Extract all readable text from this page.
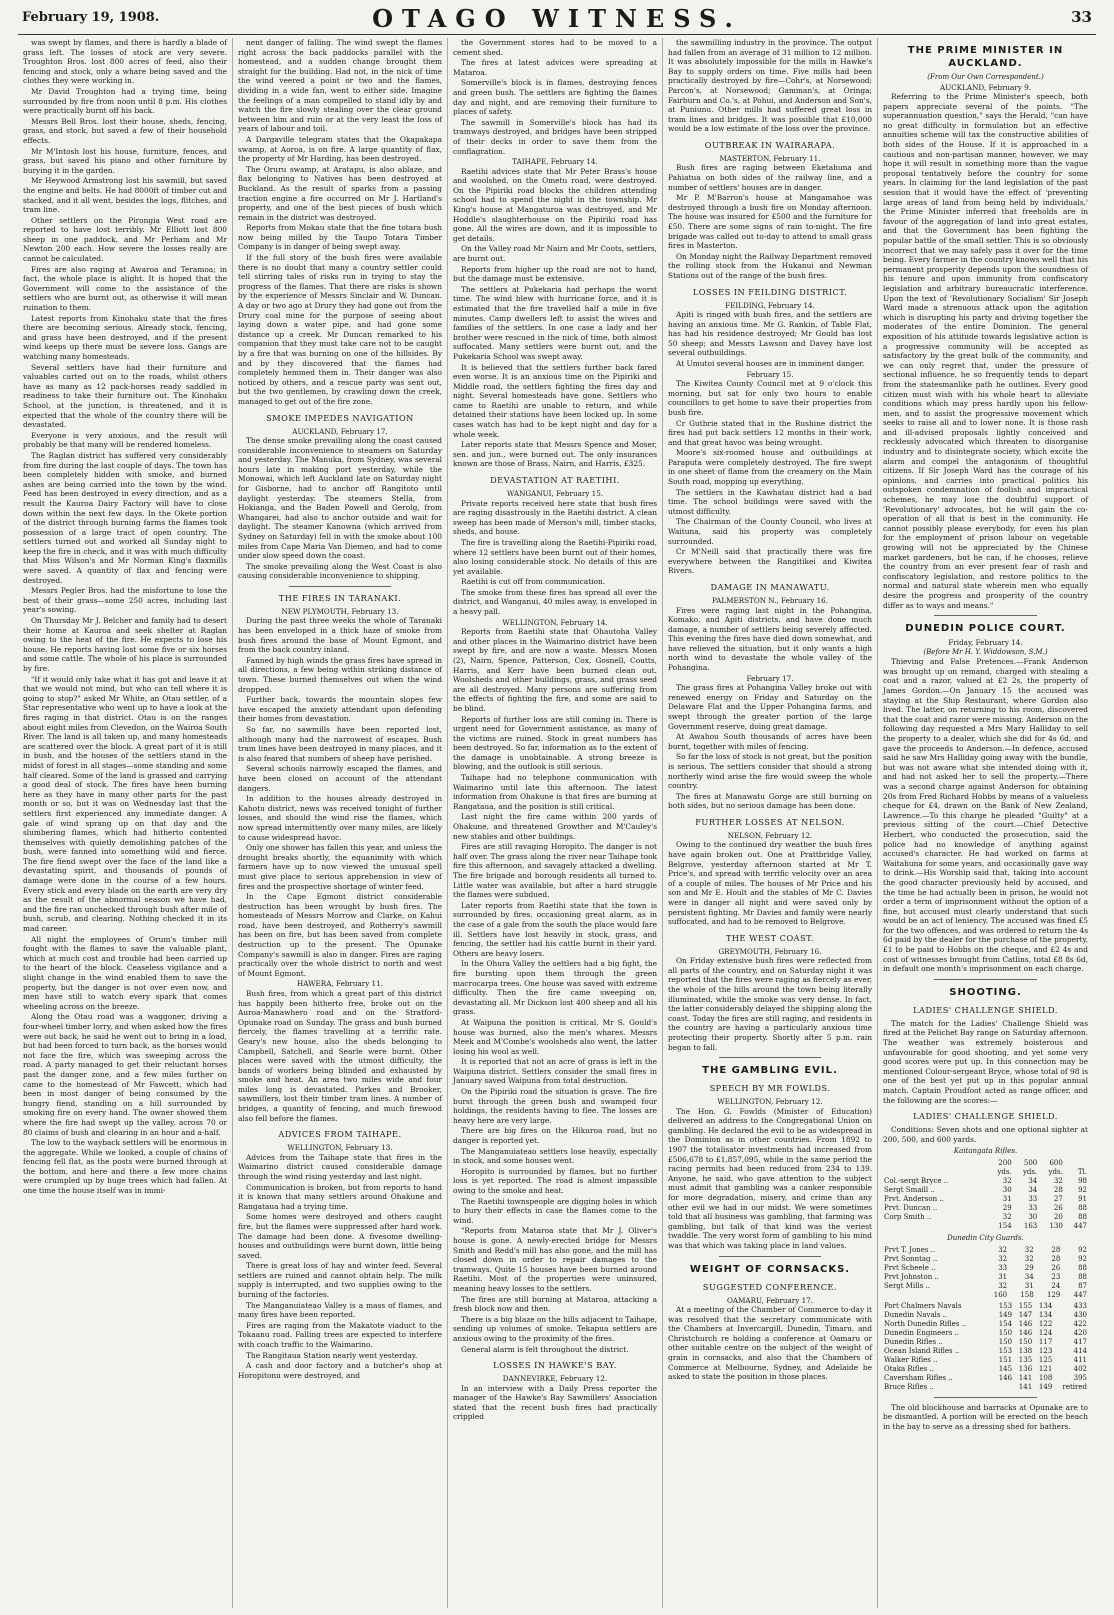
February 19, 1908.	OTAGO WITNESS.	33

was swept by flames, and there is hardly a blade of grass left. The losses of stock are very severe. Troughton Bros. lost 800 acres of feed, also their fencing and stock, only a whare being saved and the clothes they were working in.

Mr David Troughton had a trying time, being surrounded by fire from noon until 8 p.m. His clothes were practically burnt off his back.

Messrs Bell Bros. lost their house, sheds, fencing, grass, and stock, but saved a few of their household effects.

Mr M'Intosh lost his house, furniture, fences, and grass, but saved his piano and other furniture by burying it in the garden.

Mr Heywood Armstrong lost his sawmill, but saved the engine and belts. He had 8000ft of timber cut and stacked, and it all went, besides the logs, flitches, and tram line.

Other settlers on the Pirongia West road are reported to have lost terribly. Mr Elliott lost 800 sheep in one paddock, and Mr Perham and Mr Newton 200 each. How severe the losses really are cannot be calculated.

Fires are also raging at Awaroa and Teramoa; in fact, the whole place is alight. It is hoped that the Government will come to the assistance of the settlers who are burnt out, as otherwise it will mean ruination to them.

Latest reports from Kinohaku state that the fires there are becoming serious. Already stock, fencing, and grass have been destroyed, and if the present wind keeps up there must be severe loss. Gangs are watching many homesteads.

Several settlers have had their furniture and valuables carted out on to the roads, whilst others have as many as 12 pack-horses ready saddled in readiness to take their furniture out. The Kinohaku School, at the junction, is threatened, and it is expected that the whole of the country there will be devastated.

Everyone is very anxious, and the result will probably be that many will be rendered homeless.

The Raglan district has suffered very considerably from fire during the last couple of days. The town has been completely hidden with smoke, and burned ashes are being carried into the town by the wind. Feed has been destroyed in every direction, and as a result the Kauroa Dairy Factory will have to close down within the next few days. In the Okete portion of the district through burning farms the flames took possession of a large tract of open country. The settlers turned out and worked all Sunday night to keep the fire in check, and it was with much difficulty that Miss Wilson's and Mr Norman King's flaxmills were saved. A quantity of flax and fencing were destroyed.

Messrs Pegler Bros. had the misfortune to lose the best of their grass—some 250 acres, including last year's sowing.

On Thursday Mr J. Belcher and family had to desert their home at Kauroa and seek shelter at Raglan owing to the heat of the fire. He expects to lose his house. He reports having lost some five or six horses and some cattle. The whole of his place is surrounded by fire.

"If it would only take what it has got and leave it at that we would not mind, but who can tell where it is going to stop?" asked Mr White, an Otau settler, of a Star representative who went up to have a look at the fires raging in that district. Otau is on the ranges about eight miles from Clevedon, on the Wairoa South River. The land is all taken up, and many homesteads are scattered over the block. A great part of it is still in bush, and the houses of the settlers stand in the midst of forest in all stages—some standing and some half cleared. Some of the land is grassed and carrying a good deal of stock. The fires have been burning here as they have in many other parts for the past month or so, but it was on Wednesday last that the settlers first experienced any immediate danger. A gale of wind sprang up on that day and the slumbering flames, which had hitherto contented themselves with quietly demolishing patches of the bush, were fanned into something wild and fierce. The fire fiend swept over the face of the land like a devastating spirit, and thousands of pounds of damage were done in the course of a few hours. Every stick and every blade on the earth are very dry as the result of the abnormal season we have had, and the fire ran unchecked through bush after mile of bush, scrub, and clearing. Nothing checked it in its mad career.

All night the employees of Orum's timber mill fought with the flames to save the valuable plant, which at much cost and trouble had been carried up to the heart of the block. Ceaseless vigilance and a slight change in the wind enabled them to save the property, but the danger is not over even now, and men have still to watch every spark that comes wheeling across on the breeze.

Along the Otau road was a waggoner, driving a four-wheel timber lorry, and when asked how the fires were out back, he said he went out to bring in a load, but had been forced to turn back, as the horses would not face the fire, which was sweeping across the road. A party managed to get their reluctant horses past the danger zone, and a few miles further on came to the homestead of Mr Fawcett, which had been in most danger of being consumed by the hungry fiend, standing on a hill surrounded by smoking fire on every hand. The owner showed them where the fire had swept up the valley, across 70 or 80 claims of bush and clearing in an hour and a-half.

The low to the wayback settlers will be enormous in the aggregate. While we looked, a couple of chains of fencing fell flat, as the posts were burned through at the bottom, and here and there a few more chains were crumpled up by huge trees which had fallen. At one time the house itself was in immi-

nent danger of falling. The wind swept the flames right across the back paddocks parallel with the homestead, and a sudden change brought them straight for the building. Had not, in the nick of time the wind veered a point or two and the flames, dividing in a wide fan, went to either side. Imagine the feelings of a man compelled to stand idly by and watch the fire slowly stealing over the clear ground between him and ruin or at the very least the loss of years of labour and toil.

A Dargaville telegram states that the Okapakapa swamp, at Aoroa, is on fire. A large quantity of flax, the property of Mr Harding, has been destroyed.

The Oruru swamp, at Aratapu, is also ablaze, and flax belonging to Natives has been destroyed at Buckland. As the result of sparks from a passing traction engine a fire occurred on Mr J. Hartland's property, and one of the best pieces of bush which remain in the district was destroyed.

Reports from Mokau state that the fine totara bush now being milled by the Taupo Totara Timber Company is in danger of being swept away.

If the full story of the bush fires were available there is no doubt that many a country settler could tell stirring tales of risks run in trying to stay the progress of the flames. That there are risks is shown by the experience of Messrs Sinclair and W. Duncan. A day or two ago at Drury they had gone out from the Drury coal mine for the purpose of seeing about laying down a water pipe, and had gone some distance up a creek. Mr Duncan remarked to his companion that they must take care not to be caught by a fire that was burning on one of the hillsides. By and by they discovered that the flames had completely hemmed them in. Their danger was also noticed by others, and a rescue party was sent out, but the two gentlemen, by crawling down the creek, managed to get out of the fire zone.

SMOKE IMPEDES NAVIGATION
AUCKLAND, February 17.

The dense smoke prevailing along the coast caused considerable inconvenience to steamers on Saturday and yesterday. The Manuka, from Sydney, was several hours late in making port yesterday, while the Monowai, which left Auckland late on Saturday night for Gisborne, had to anchor off Rangitoto until daylight yesterday. The steamers Stella, from Hokianga, and the Baden Powell and Gerolg, from Whangarei, had also to anchor outside and wait for daylight. The steamer Kanowna (which arrived from Sydney on Saturday) fell in with the smoke about 100 miles from Cape Maria Van Diemen, and had to come under slow speed down the coast.

The smoke prevailing along the West Coast is also causing considerable inconvenience to shipping.

THE FIRES IN TARANAKI.
NEW PLYMOUTH, February 13.

During the past three weeks the whole of Taranaki has been enveloped in a thick haze of smoke from bush fires around the base of Mount Egmont, and from the back country inland.

Fanned by high winds the grass fires have spread in all directions, a few being within striking distance of town. These burned themselves out when the wind dropped.

Further back, towards the mountain slopes few have escaped the anxiety attendant upon defending their homes from devastation.

So far, no sawmills have been reported lost, although many had the narrowest of escapes. Bush tram lines have been destroyed in many places, and it is also feared that numbers of sheep have perished.

Several schools narrowly escaped the flames, and have been closed on account of the attendant dangers.

In addition to the houses already destroyed in Kahotu district, news was received tonight of further losses, and should the wind rise the flames, which now spread intermittently over many miles, are likely to cause widespread havoc.

Only one shower has fallen this year, and unless the drought breaks shortly, the equanimity with which farmers have up to now viewed the unusual spell must give place to serious apprehension in view of fires and the prospective shortage of winter feed.

In the Cape Egmont district considerable destruction has been wrought by bush fires. The homesteads of Messrs Morrow and Clarke, on Kahui road, have been destroyed, and Rotherry's sawmill has been on fire, but has been saved from complete destruction up to the present. The Opunake Company's sawmill is also in danger. Fires are raging practically over the whole district to north and west of Mount Egmont.

HAWERA, February 11.

Bush fires, from which a great part of this district has happily been hitherto free, broke out on the Auroa-Manawhero road and on the Stratford-Opunake road on Sunday. The grass and bush burned fiercely, the flames travelling at a terrific rate. Geary's new house, also the sheds belonging to Campbell, Satchell, and Searle were burnt. Other places were saved with the utmost difficulty, the bands of workers being blinded and exhausted by smoke and heat. An area two miles wide and four miles long is devastated. Parkes and Brooker, sawmillers, lost their timber tram lines. A number of bridges, a quantity of fencing, and much firewood also fell before the flames.

ADVICES FROM TAIHAPE.
WELLINGTON, February 13.

Advices from the Taihape state that fires in the Waimarino district caused considerable damage through the wind rising yesterday and last night.

Communication is broken, but from reports to hand it is known that many settlers around Ohakune and Rangataua had a trying time.

Some homes were destroyed and others caught fire, but the flames were suppressed after hard work. The damage had been done. A fivesome dwelling-houses and outbuildings were burnt down, little being saved.

There is great loss of hay and winter feed. Several settlers are ruined and cannot obtain help. The milk supply is interrupted, and two supplies owing to the burning of the factories.

The Manganuiateao Valley is a mass of flames, and many fires have been reported.

Fires are raging from the Makatote viaduct to the Tokaanu road. Falling trees are expected to interfere with coach traffic to the Waimarino.

The Rangitaua Station nearly went yesterday.

A cash and door factory and a butcher's shop at Horopitonu were destroyed, and

the Government stores had to be moved to a cement shed.

The fires at latest advices were spreading at Mataroa.

Somerville's block is in flames, destroying fences and green bush. The settlers are fighting the flames day and night, and are removing their furniture to places of safety.

The sawmill in Somerville's block has had its tramways destroyed, and bridges have been stripped of their decks in order to save them from the conflagration.

TAIHAPE, February 14.

Raetihi advices state that Mr Peter Brass's house and woolshed, on the Ometu road, were destroyed. On the Pipiriki road blocks the children attending school had to spend the night in the township. Mr King's house at Mangaturoa was destroyed, and Mr Hoddle's slaughterhouse on the Pipiriki road has gone. All the wires are down, and it is impossible to get details.

On the Valley road Mr Nairn and Mr Coots, settlers, are burnt out.

Reports from higher up the road are not to hand, but the damage must be extensive.

The settlers at Pukekaria had perhaps the worst time. The wind blew with hurricane force, and it is estimated that the fire travelled half a mile in five minutes. Camp dwellers left to assist the wives and families of the settlers. In one case a lady and her brother were rescued in the nick of time, both almost suffocated. Many settlers were burnt out, and the Pukekaria School was swept away.

It is believed that the settlers further back fared even worse. It is an anxious time on the Pipiriki and Middle road, the settlers fighting the fires day and night. Several homesteads have gone. Settlers who came to Raetihi are unable to return, and while detained their stations have been locked up. In some cases watch has had to be kept night and day for a whole week.

Later reports state that Messrs Spence and Moser, sen. and jun., were burned out. The only insurances known are those of Brass, Nairn, and Harris, £325.

DEVASTATION AT RAETIHI.
WANGANUI, February 15.

Private reports received here state that bush fires are raging disastrously in the Raetihi district. A clean sweep has been made of Merson's mill, timber stacks, sheds, and house.

The fire is travelling along the Raetihi-Pipiriki road, where 12 settlers have been burnt out of their homes, also losing considerable stock. No details of this are yet available.

Raetihi is cut off from communication.

The smoke from these fires has spread all over the district, and Wanganui, 40 miles away, is enveloped in a heavy pall.

WELLINGTON, February 14.

Reports from Raetihi state that Ohautoha Valley and other places in the Waimarino district have been swept by fire, and are now a waste. Messrs Mosen (2), Nairn, Spence, Patterson, Cox, Gosnell, Coutts, Harris, and Kerr have been burned clean out. Woolsheds and other buildings, grass, and grass seed are all destroyed. Many persons are suffering from the effects of fighting the fire, and some are said to be blind.

Reports of further loss are still coming in. There is urgent need for Government assistance, as many of the victims are ruined. Stock in great numbers has been destroyed. So far, information as to the extent of the damage is unobtainable. A strong breeze is blowing, and the outlook is still serious.

Taihape had no telephone communication with Waimarino until late this afternoon. The latest information from Ohakune is that fires are burning at Rangataua, and the position is still critical.

Last night the fire came within 200 yards of Ohakune, and threatened Growther and M'Cauley's new stables and other buildings.

Fires are still ravaging Horopito. The danger is not half over. The grass along the river near Taihape took fire this afternoon, and savagely attacked a dwelling. The fire brigade and borough residents all turned to. Little water was available, but after a hard struggle the flames were subdued.

Later reports from Raetihi state that the town is surrounded by fires, occasioning great alarm, as in the case of a gale from the south the place would fare ill. Settlers have lost heavily in stock, grass, and fencing, the settler had his cattle burnt in their yard. Others are heavy losers.

In the Ohura Valley the settlers had a big fight, the fire bursting upon them through the green macrocarpa trees. One house was saved with extreme difficulty. Then the fire came sweeping on, devastating all. Mr Dickson lost 400 sheep and all his grass.

At Waipuna the position is critical. Mr S. Gould's house was burned, also the men's whares. Messrs Meek and M'Combe's woolsheds also went, the latter losing his wool as well.

It is reported that not an acre of grass is left in the Waipuna district. Settlers consider the small fires in January saved Waipuna from total destruction.

On the Pipiriki road the situation is grave. The fire burst through the green bush and swamped four holdings, the residents having to flee. The losses are heavy here are very large.

There are big fires on the Hikuroa road, but no danger is reported yet.

The Manganuiateao settlers lose heavily, especially in stock, and some houses went.

Horopito is surrounded by flames, but no further loss is yet reported. The road is almost impassible owing to the smoke and heat.

The Raetihi townspeople are digging holes in which to bury their effects in case the flames come to the wind.

"Reports from Mataroa state that Mr J. Oliver's house is gone. A newly-erected bridge for Messrs Smith and Redd's mill has also gone, and the mill has closed down in order to repair damages to the tramways. Quite 15 houses have been burned around Raetihi. Most of the properties were uninsured, meaning heavy losses to the settlers.

The fires are still burning at Mataroa, attacking a fresh block now and then.

There is a big blaze on the hills adjacent to Taihape, sending up volumes of smoke. Tekapua settlers are anxious owing to the proximity of the fires.

General alarm is felt throughout the district.

LOSSES IN HAWKE'S BAY.
DANNEVIRKE, February 12.

In an interview with a Daily Press reporter the manager of the Hawke's Bay Sawmillers' Association stated that the recent bush fires had practically crippled

the sawmilling industry in the province. The output had fallen from an average of 31 million to 12 million. It was absolutely impossible for the mills in Hawke's Bay to supply orders on time. Five mills had been practically destroyed by fire—Cohr's, at Norsewood; Parcon's, at Norsewood; Gamman's, at Oringa; Fairburn and Co.'s, at Pohui, and Anderson and Son's, at Puniunu. Other mills had suffered great loss in tram lines and bridges. It was possible that £10,000 would be a low estimate of the loss over the province.

OUTBREAK IN WAIRARAPA.
MASTERTON, February 11.

Bush fires are raging between Eketahuna and Pahiatua on both sides of the railway line, and a number of settlers' houses are in danger.

Mr P. M'Barron's house at Mangamahoe was destroyed through a bush fire on Monday afternoon. The house was insured for £500 and the furniture for £50. There are some signs of rain to-night. The fire brigade was called out to-day to attend to small grass fires in Masterton.

On Monday night the Railway Department removed the rolling stock from the Hukanui and Newman Stations out of the range of the bush fires.

LOSSES IN FEILDING DISTRICT.
FEILDING, February 14.

Apiti is ringed with bush fires, and the settlers are having an anxious time. Mr G. Rankin, of Table Flat, has had his residence destroyed; Mr Gould has lost 50 sheep; and Messrs Lawson and Davey have lost several outbuildings.

At Umutoi several houses are in imminent danger.

February 15.

The Kiwitea County Council met at 9 o'clock this morning, but sat for only two hours to enable councillors to get home to save their properties from bush fire.

Cr Guthrie stated that in the Rushine district the fires had put back settlers 12 months in their work, and that great havoc was being wrought.

Moore's six-roomed house and outbuildings at Paraputa were completely destroyed. The fire swept in one sheet of flame from the creamery on the Main South road, mopping up everything.

The settlers in the Kawhatau district had a bad time. The school buildings were saved with the utmost difficulty.

The Chairman of the County Council, who lives at Waituna, said his property was completely surrounded.

Cr M'Neill said that practically there was fire everywhere between the Rangitikei and Kiwitea Rivers.

DAMAGE IN MANAWATU.
PALMERSTON N., February 16.

Fires were raging last night in the Pohangina, Komako, and Apiti districts, and have done much damage, a number of settlers being severely affected. This evening the fires have died down somewhat, and have relieved the situation, but it only wants a high north wind to devastate the whole valley of the Pohangina.

February 17.

The grass fires at Pohangina Valley broke out with renewed energy on Friday and Saturday on the Delaware Flat and the Upper Pohangina farms, and swept through the greater portion of the large Government reserve, doing great damage.

At Awahou South thousands of acres have been burnt, together with miles of fencing.

So far the loss of stock is not great, but the position is serious. The settlers consider that should a strong northerly wind arise the fire would sweep the whole country.

The fires at Manawatu Gorge are still burning on both sides, but no serious damage has been done.

FURTHER LOSSES AT NELSON.
NELSON, February 12.

Owing to the continued dry weather the bush fires have again broken out. One at Prattbridge Valley, Belgrove, yesterday afternoon started at Mr T. Price's, and spread with terrific velocity over an area of a couple of miles. The houses of Mr Price and his son and Mr E. Hoult and the stables of Mr C. Davies were in danger all night and were saved only by persistent fighting. Mr Davies and family were nearly suffocated, and had to be removed to Belgrove.

THE WEST COAST.
GREYMOUTH, February 16.

On Friday extensive bush fires were reflected from all parts of the country, and on Saturday night it was reported that the fires were raging as fiercely as ever, the whole of the hills around the town being literally illuminated, while the smoke was very dense. In fact, the latter considerably delayed the shipping along the coast. Today the fires are still raging, and residents in the country are having a particularly anxious time protecting their property. Shortly after 5 p.m. rain began to fall.

THE GAMBLING EVIL.
SPEECH BY MR FOWLDS.
WELLINGTON, February 12.

The Hon. G. Fowlds (Minister of Education) delivered an address to the Congregational Union on gambling. He declared the evil to be as widespread in the Dominion as in other countries. From 1892 to 1907 the totalisator investments had increased from £506,678 to £1,857,095, while in the same period the racing permits had been reduced from 234 to 139. Anyone, he said, who gave attention to the subject must admit that gambling was a canker responsible for more degradation, misery, and crime than any other evil we had in our midst. We were sometimes told that all business was gambling, that farming was gambling, but talk of that kind was the veriest twaddle. The very worst form of gambling to his mind was that which was taking place in land values.

WEIGHT OF CORNSACKS.
SUGGESTED CONFERENCE.
OAMARU, February 17.

At a meeting of the Chamber of Commerce to-day it was resolved that the secretary communicate with the Chambers at Invercargill, Dunedin, Timaru, and Christchurch re holding a conference at Oamaru or other suitable centre on the subject of the weight of grain in cornsacks, and also that the Chambers of Commerce at Melbourne, Sydney, and Adelaide be asked to state the position in those places.

THE PRIME MINISTER IN AUCKLAND.
(From Our Own Correspondent.)
AUCKLAND, February 9.

Referring to the Prime Minister's speech, both papers appreciate several of the points. "The superannuation question," says the Herald, "can have no great difficulty in formulation but an effective annuities scheme will tax the constructive abilities of both sides of the House. If it is approached in a cautious and non-partisan manner, however, we may hope it will result in something more than the vague proposal tentatively before the country for some years. In claiming for the land legislation of the past session that it would have the effect of 'preventing large areas of land from being held by individuals,' the Prime Minister inferred that freeholds are in favour of the aggregation of land into great estates, and that the Government has been fighting the popular battle of the small settler. This is so obviously incorrect that we may safely pass it over for the time being. Every farmer in the country knows well that his permanent prosperity depends upon the soundness of his tenure and upon immunity from confiscatory legislation and arbitrary bureaucratic interference. Upon the text of 'Revolutionary Socialism' Sir Joseph Ward made a strenuous attack upon the agitation which is disrupting his party and driving together the moderates of the entire Dominion. The general exposition of his attitude towards legislative action is a progressive community will be accepted as satisfactory by the great bulk of the community, and we can only regret that, under the pressure of sectional influence, he so frequently tends to depart from the statesmanlike path he outlines. Every good citizen must wish with his whole heart to alleviate conditions which may press hardly upon his fellow-men, and to assist the progressive movement which seeks to raise all and to lower none. It is those rash and ill-advised proposals lightly conceived and recklessly advocated which threaten to disorganise industry and to disintegrate society, which excite the alarm and compel the antagonism of thoughtful citizens. If Sir Joseph Ward has the courage of his opinions, and carries into practical politics his outspoken condemnation of foolish and impractical schemes, he may lose the doubtful support of 'Revolutionary' advocates, but he will gain the co-operation of all that is best in the community. He cannot possibly please everybody, for even his plan for the employment of prison labour on vegetable growing will not be appreciated by the Chinese market gardeners, but he can, if he chooses, relieve the country from an ever present fear of rash and confiscatory legislation, and restore politics to the normal and natural state wherein men who equally desire the progress and prosperity of the country differ as to ways and means."

DUNEDIN POLICE COURT.
Friday, February 14.
(Before Mr H. Y. Widdowson, S.M.)

Thieving and False Pretences.—Frank Anderson was brought up on remand, charged with stealing a coat and a razor, valued at £2 2s, the property of James Gordon.—On January 15 the accused was staying at the Ship Restaurant, where Gordon also lived. The latter, on returning to his room, discovered that the coat and razor were missing. Anderson on the following day requested a Mrs Mary Halliday to sell the property to a dealer, which she did for 4s 6d, and gave the proceeds to Anderson.—In defence, accused said he saw Mrs Halliday going away with the bundle, but was not aware what she intended doing with it, and had not asked her to sell the property.—There was a second charge against Anderson for obtaining 20s from Fred Richard Hobbs by means of a valueless cheque for £4, drawn on the Bank of New Zealand, Lawrence.—To this charge he pleaded "Guilty" at a previous sitting of the court.—Chief Detective Herbert, who conducted the prosecution, said the police had no knowledge of anything against accused's character. He had worked on farms at Waitahuna for some years, and occasionally gave way to drink.—His Worship said that, taking into account the good character previously held by accused, and the time he had actually been in prison, he would not order a term of imprisonment without the option of a fine, but accused must clearly understand that such would be an act of leniency. The accused was fined £5 for the two offences, and was ordered to return the 4s 6d paid by the dealer for the purchase of the property, £1 to be paid to Hobbs on the cheque, and £2 4s and cost of witnesses brought from Catlins, total £8 8s 6d, in default one month's imprisonment on each charge.

SHOOTING.
LADIES' CHALLENGE SHIELD.

The match for the Ladies' Challenge Shield was fired at the Pelichet Bay range on Saturday afternoon. The weather was extremely boisterous and unfavourable for good shooting, and yet some very good scores were put up. In this connection may be mentioned Colour-sergeant Bryce, whose total of 98 is one of the best yet put up in this popular annual match. Captain Proudfoot acted as range officer, and the following are the scores:—

LADIES' CHALLENGE SHIELD.

Conditions: Seven shots and one optional sighter at 200, 500, and 600 yards.

Kaitangata Rifles.
	200	500	600	
	yds.	yds.	yds.	Tl.
Col.-sergt Bryce ..	32	34	32	98
Sergt Smaill ..	30	34	28	92
Prvt. Anderson ..	31	33	27	91
Prvt. Duncan ..	29	33	26	88
Corp Smith ..	32	30	20	88
	154	163	130	447
Dunedin City Guards.
Prvt T. Jones ..	32	32	28	92
Prvt Sonntag ..	32	32	28	92
Prvt Scheele ..	33	29	26	88
Prvt Johnston ..	31	34	23	88
Sergt Mills ..	32	31	24	87
	160	158	129	447
Port Chalmers Navals	153	155	134	433
Dunedin Navals ..	149	147	134	430
North Dunedin Rifles ..	154	146	122	422
Dunedin Engineers ..	150	146	124	420
Dunedin Rifles ..	150	150	117	417
Ocean Island Rifles ..	153	138	123	414
Walker Rifles ..	151	135	125	411
Otaka Rifles ..	145	136	121	402
Caversham Rifles ..	146	141	108	395
Bruce Rifles ..		141	149	retired

The old blockhouse and barracks at Opunake are to be dismantled. A portion will be erected on the beach in the bay to serve as a dressing shed for bathers.
